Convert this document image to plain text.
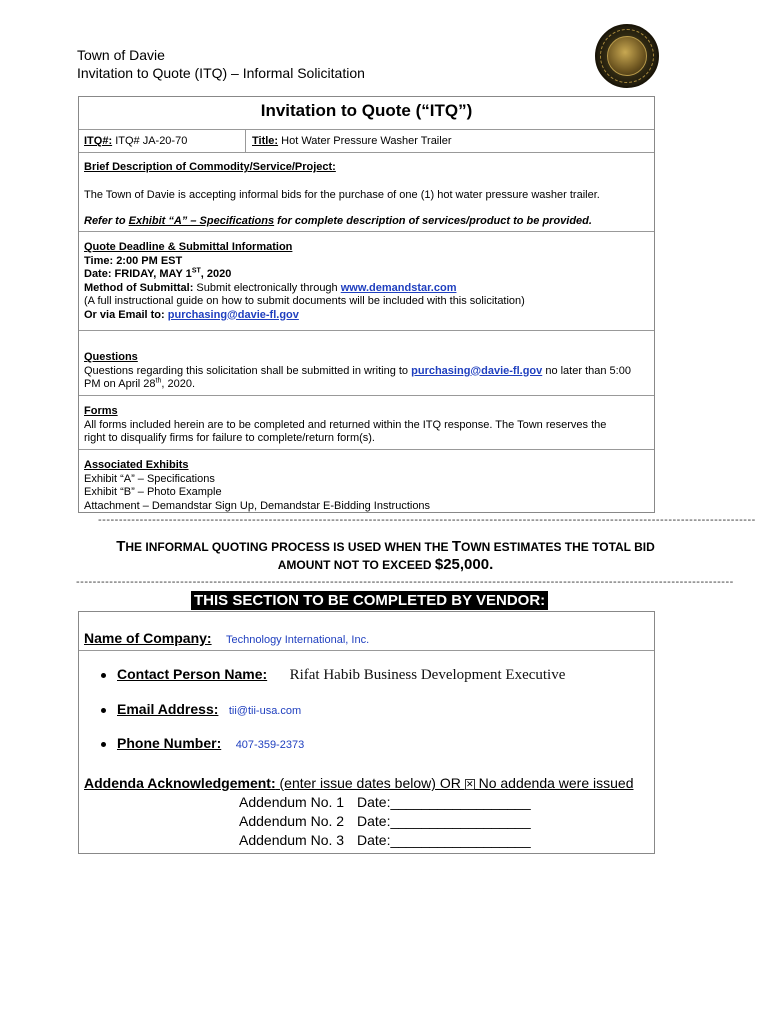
Town of Davie
Invitation to Quote (ITQ) – Informal Solicitation
Invitation to Quote (“ITQ”)
ITQ#: ITQ# JA-20-70	Title: Hot Water Pressure Washer Trailer
Brief Description of Commodity/Service/Project:
The Town of Davie is accepting informal bids for the purchase of one (1) hot water pressure washer trailer.
Refer to Exhibit “A” – Specifications for complete description of services/product to be provided.
Quote Deadline & Submittal Information
Time: 2:00 PM EST
Date: FRIDAY, MAY 1ST, 2020
Method of Submittal: Submit electronically through www.demandstar.com
(A full instructional guide on how to submit documents will be included with this solicitation)
Or via Email to: purchasing@davie-fl.gov
Questions
Questions regarding this solicitation shall be submitted in writing to purchasing@davie-fl.gov no later than 5:00
PM on April 28th, 2020.
Forms
All forms included herein are to be completed and returned within the ITQ response. The Town reserves the
right to disqualify firms for failure to complete/return form(s).
Associated Exhibits
Exhibit “A” – Specifications
Exhibit “B” – Photo Example
Attachment – Demandstar Sign Up, Demandstar E-Bidding Instructions
--------------------------------------------------------------------------------------------------------------------------------------------------------------
THE INFORMAL QUOTING PROCESS IS USED WHEN THE TOWN ESTIMATES THE TOTAL BID
AMOUNT NOT TO EXCEED $25,000.
--------------------------------------------------------------------------------------------------------------------------------------------------------------
THIS SECTION TO BE COMPLETED BY VENDOR:
Name of Company: Technology International, Inc.
Contact Person Name: Rifat Habib Business Development Executive
Email Address: tii@tii-usa.com
Phone Number: 407-359-2373
Addenda Acknowledgement: (enter issue dates below) OR ✕ No addenda were issued
Addendum No. 1 Date:__________________
Addendum No. 2 Date:__________________
Addendum No. 3 Date:__________________
